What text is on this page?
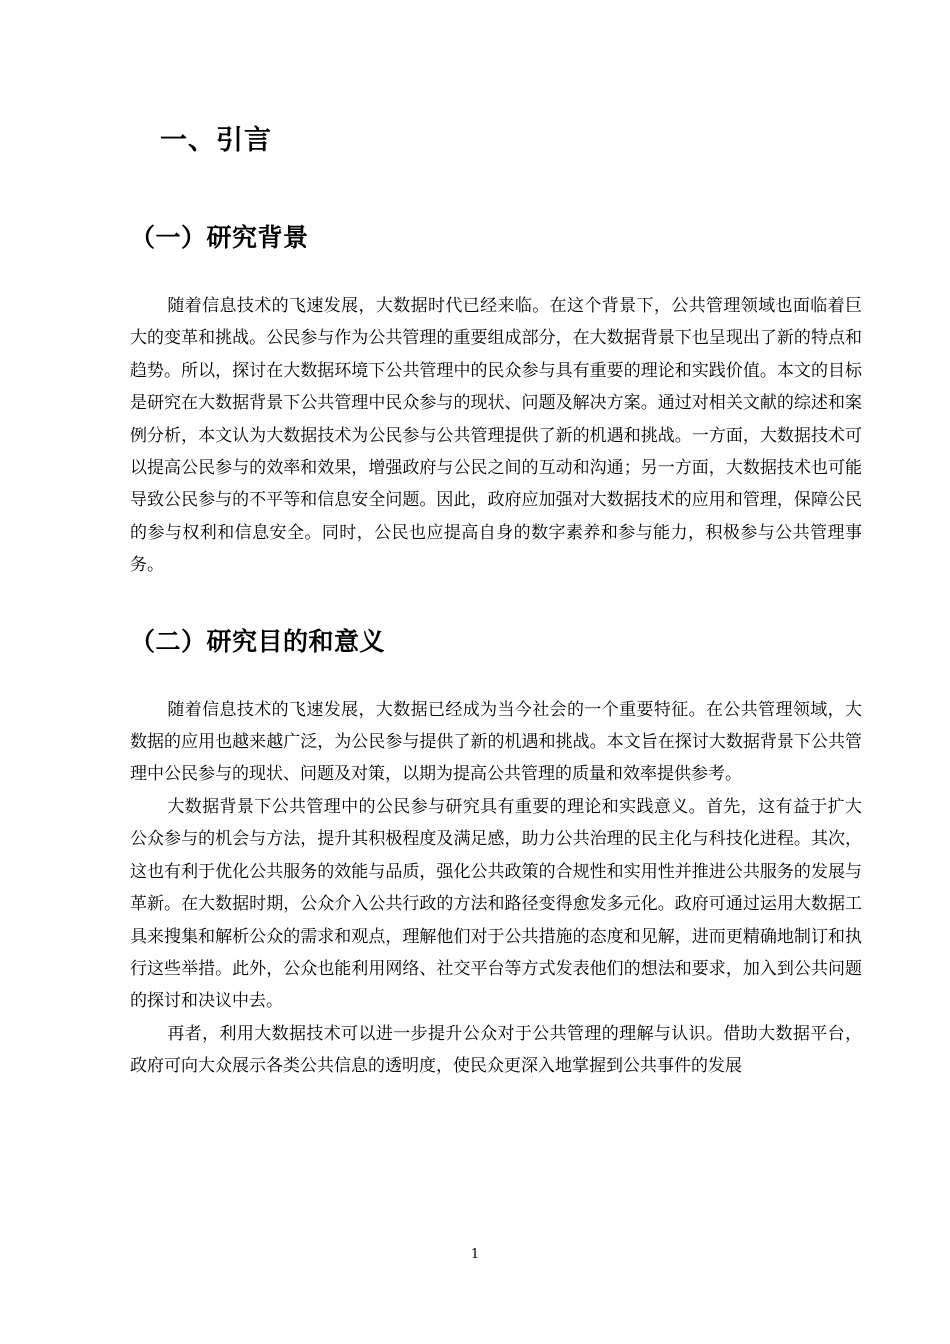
一、引言
（一）研究背景

随着信息技术的飞速发展，大数据时代已经来临。在这个背景下，公共管理领域也面临着巨大的变革和挑战。公民参与作为公共管理的重要组成部分，在大数据背景下也呈现出了新的特点和趋势。所以，探讨在大数据环境下公共管理中的民众参与具有重要的理论和实践价值。本文的目标是研究在大数据背景下公共管理中民众参与的现状、问题及解决方案。通过对相关文献的综述和案例分析，本文认为大数据技术为公民参与公共管理提供了新的机遇和挑战。一方面，大数据技术可以提高公民参与的效率和效果，增强政府与公民之间的互动和沟通；另一方面，大数据技术也可能导致公民参与的不平等和信息安全问题。因此，政府应加强对大数据技术的应用和管理，保障公民的参与权利和信息安全。同时，公民也应提高自身的数字素养和参与能力，积极参与公共管理事务。

（二）研究目的和意义

随着信息技术的飞速发展，大数据已经成为当今社会的一个重要特征。在公共管理领域，大数据的应用也越来越广泛，为公民参与提供了新的机遇和挑战。本文旨在探讨大数据背景下公共管理中公民参与的现状、问题及对策，以期为提高公共管理的质量和效率提供参考。

大数据背景下公共管理中的公民参与研究具有重要的理论和实践意义。首先，这有益于扩大公众参与的机会与方法，提升其积极程度及满足感，助力公共治理的民主化与科技化进程。其次，这也有利于优化公共服务的效能与品质，强化公共政策的合规性和实用性并推进公共服务的发展与革新。在大数据时期，公众介入公共行政的方法和路径变得愈发多元化。政府可通过运用大数据工具来搜集和解析公众的需求和观点，理解他们对于公共措施的态度和见解，进而更精确地制订和执行这些举措。此外，公众也能利用网络、社交平台等方式发表他们的想法和要求，加入到公共问题的探讨和决议中去。

再者，利用大数据技术可以进一步提升公众对于公共管理的理解与认识。借助大数据平台，政府可向大众展示各类公共信息的透明度，使民众更深入地掌握到公共事件的发展

1
